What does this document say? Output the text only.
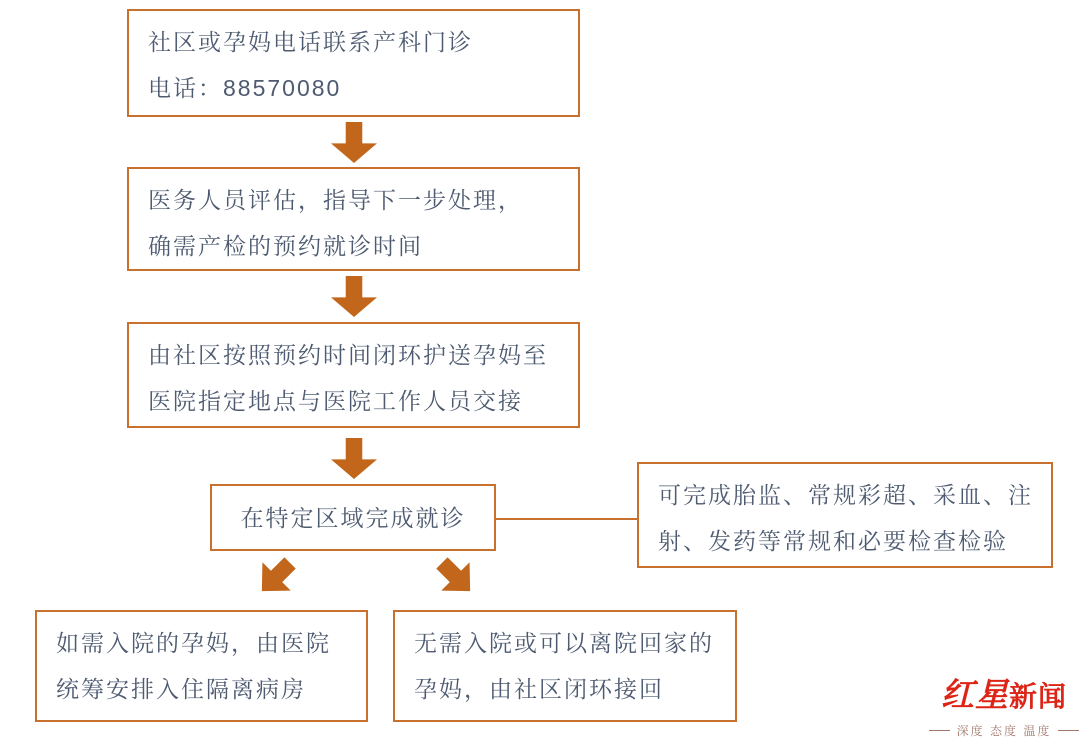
社区或孕妈电话联系产科门诊
电话：88570080
医务人员评估，指导下一步处理，
确需产检的预约就诊时间
由社区按照预约时间闭环护送孕妈至
医院指定地点与医院工作人员交接
在特定区域完成就诊
可完成胎监、常规彩超、采血、注
射、发药等常规和必要检查检验
如需入院的孕妈，由医院
统筹安排入住隔离病房
无需入院或可以离院回家的
孕妈，由社区闭环接回	红星新闻
深度 态度 温度
